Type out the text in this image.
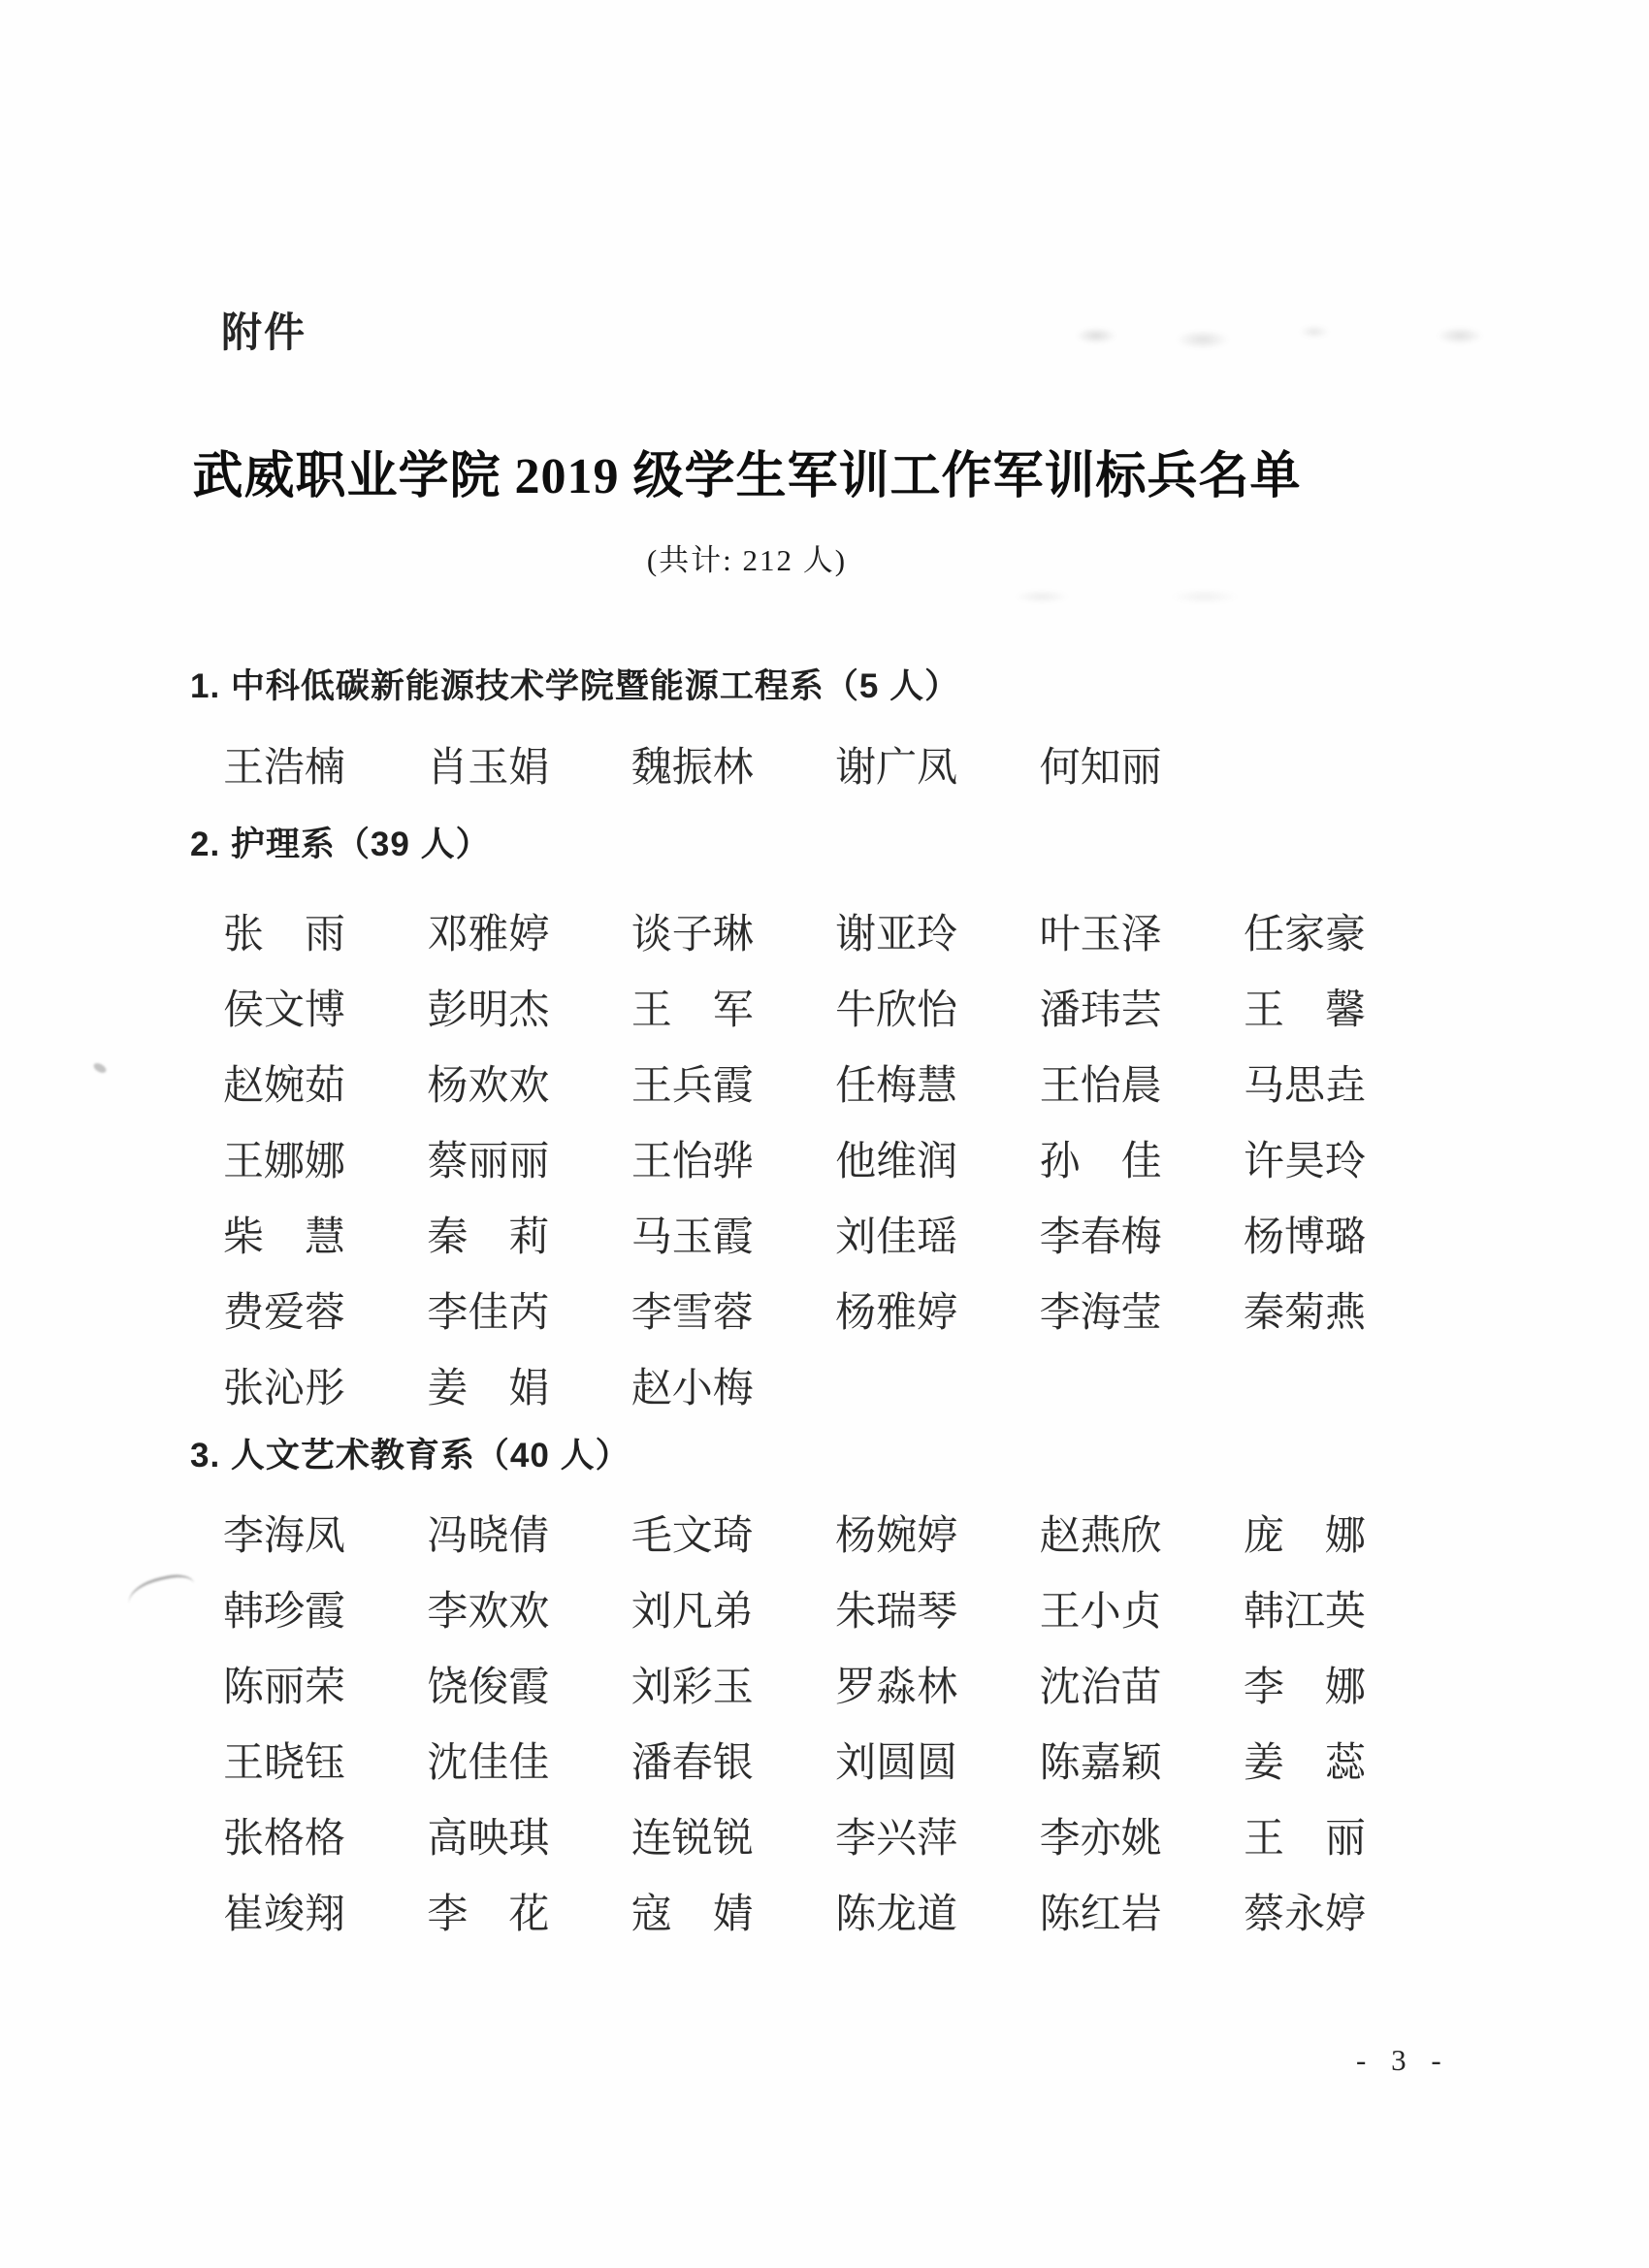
附件
武威职业学院 2019 级学生军训工作军训标兵名单
(共计: 212 人)
1. 中科低碳新能源技术学院暨能源工程系（5 人）
王浩楠 肖玉娟 魏振林 谢广凤 何知丽
2. 护理系（39 人）
张　雨 邓雅婷 谈子琳 谢亚玲 叶玉泽 任家豪
侯文博 彭明杰 王　军 牛欣怡 潘玮芸 王　馨
赵婉茹 杨欢欢 王兵霞 任梅慧 王怡晨 马思垚
王娜娜 蔡丽丽 王怡骅 他维润 孙　佳 许昊玲
柴　慧 秦　莉 马玉霞 刘佳瑶 李春梅 杨博璐
费爱蓉 李佳芮 李雪蓉 杨雅婷 李海莹 秦菊燕
张沁彤 姜　娟 赵小梅
3. 人文艺术教育系（40 人）
李海凤 冯晓倩 毛文琦 杨婉婷 赵燕欣 庞　娜
韩珍霞 李欢欢 刘凡弟 朱瑞琴 王小贞 韩江英
陈丽荣 饶俊霞 刘彩玉 罗淼林 沈治苗 李　娜
王晓钰 沈佳佳 潘春银 刘圆圆 陈嘉颖 姜　蕊
张格格 高映琪 连锐锐 李兴萍 李亦姚 王　丽
崔竣翔 李　花 寇　婧 陈龙道 陈红岩 蔡永婷
- 3 -
